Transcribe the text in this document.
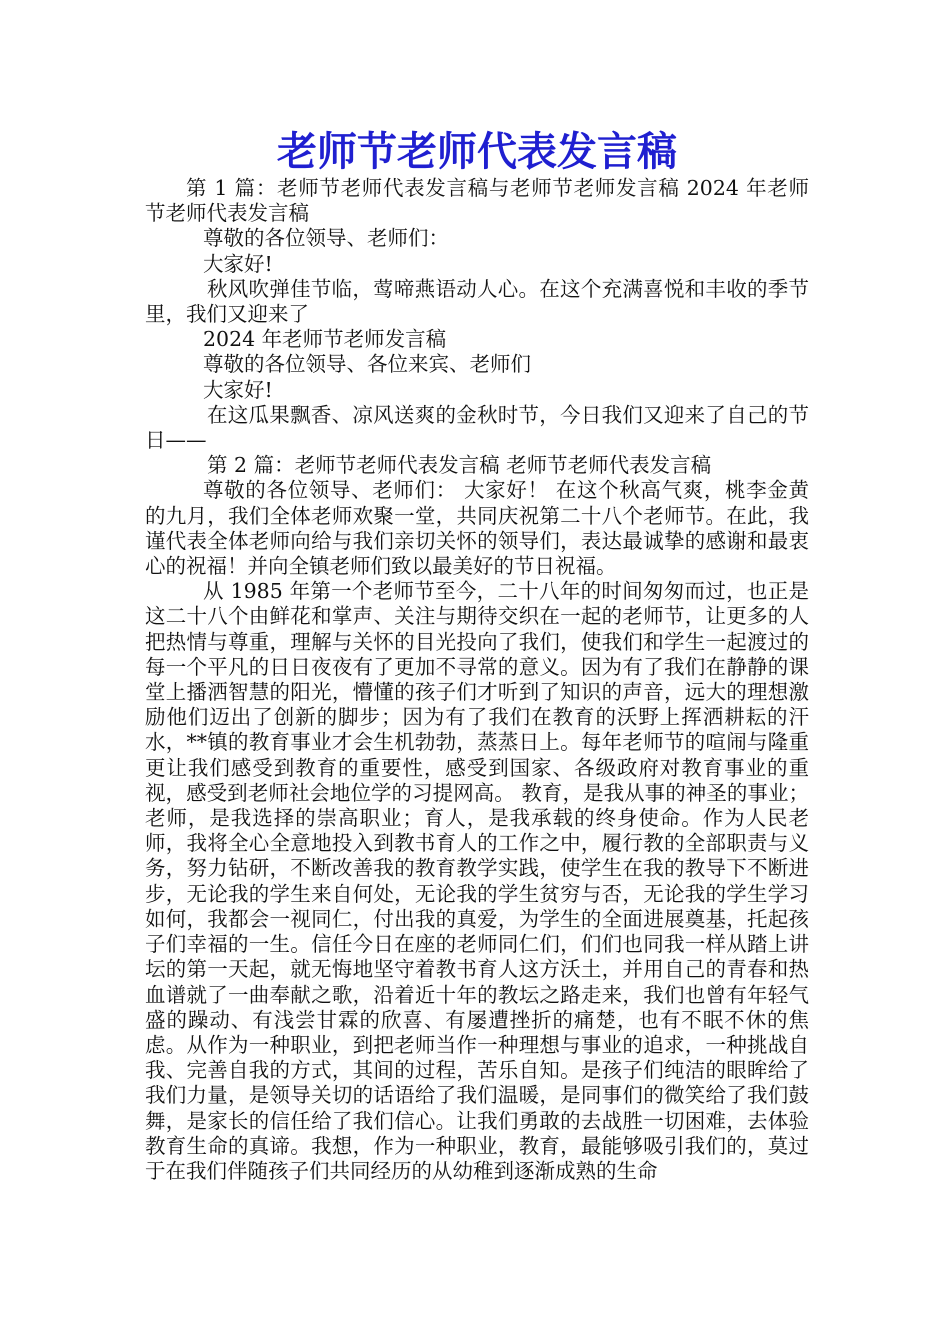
老师节老师代表发言稿

第 1 篇：老师节老师代表发言稿与老师节老师发言稿 2024 年老师节老师代表发言稿

尊敬的各位领导、老师们：

大家好!

秋风吹弹佳节临，莺啼燕语动人心。在这个充满喜悦和丰收的季节里，我们又迎来了

2024 年老师节老师发言稿

尊敬的各位领导、各位来宾、老师们

大家好!

在这瓜果飘香、凉风送爽的金秋时节，今日我们又迎来了自己的节日——

第 2 篇：老师节老师代表发言稿 老师节老师代表发言稿

尊敬的各位领导、老师们： 大家好！ 在这个秋高气爽，桃李金黄的九月，我们全体老师欢聚一堂，共同庆祝第二十八个老师节。在此，我谨代表全体老师向给与我们亲切关怀的领导们，表达最诚挚的感谢和最衷心的祝福！并向全镇老师们致以最美好的节日祝福。

从 1985 年第一个老师节至今，二十八年的时间匆匆而过，也正是这二十八个由鲜花和掌声、关注与期待交织在一起的老师节，让更多的人把热情与尊重，理解与关怀的目光投向了我们，使我们和学生一起渡过的每一个平凡的日日夜夜有了更加不寻常的意义。因为有了我们在静静的课堂上播洒智慧的阳光，懵懂的孩子们才听到了知识的声音，远大的理想激励他们迈出了创新的脚步；因为有了我们在教育的沃野上挥洒耕耘的汗水，**镇的教育事业才会生机勃勃，蒸蒸日上。每年老师节的喧闹与隆重更让我们感受到教育的重要性，感受到国家、各级政府对教育事业的重视，感受到老师社会地位学的习提网高。 教育，是我从事的神圣的事业；老师，是我选择的崇高职业；育人，是我承载的终身使命。作为人民老师，我将全心全意地投入到教书育人的工作之中，履行教的全部职责与义务，努力钻研，不断改善我的教育教学实践，使学生在我的教导下不断进步，无论我的学生来自何处，无论我的学生贫穷与否，无论我的学生学习如何，我都会一视同仁，付出我的真爱，为学生的全面进展奠基，托起孩子们幸福的一生。信任今日在座的老师同仁们，们们也同我一样从踏上讲坛的第一天起，就无悔地坚守着教书育人这方沃土，并用自己的青春和热血谱就了一曲奉献之歌，沿着近十年的教坛之路走来，我们也曾有年轻气盛的躁动、有浅尝甘霖的欣喜、有屡遭挫折的痛楚，也有不眠不休的焦虑。从作为一种职业，到把老师当作一种理想与事业的追求，一种挑战自我、完善自我的方式，其间的过程，苦乐自知。是孩子们纯洁的眼眸给了我们力量，是领导关切的话语给了我们温暖，是同事们的微笑给了我们鼓舞，是家长的信任给了我们信心。让我们勇敢的去战胜一切困难，去体验教育生命的真谛。我想，作为一种职业，教育，最能够吸引我们的，莫过于在我们伴随孩子们共同经历的从幼稚到逐渐成熟的生命
